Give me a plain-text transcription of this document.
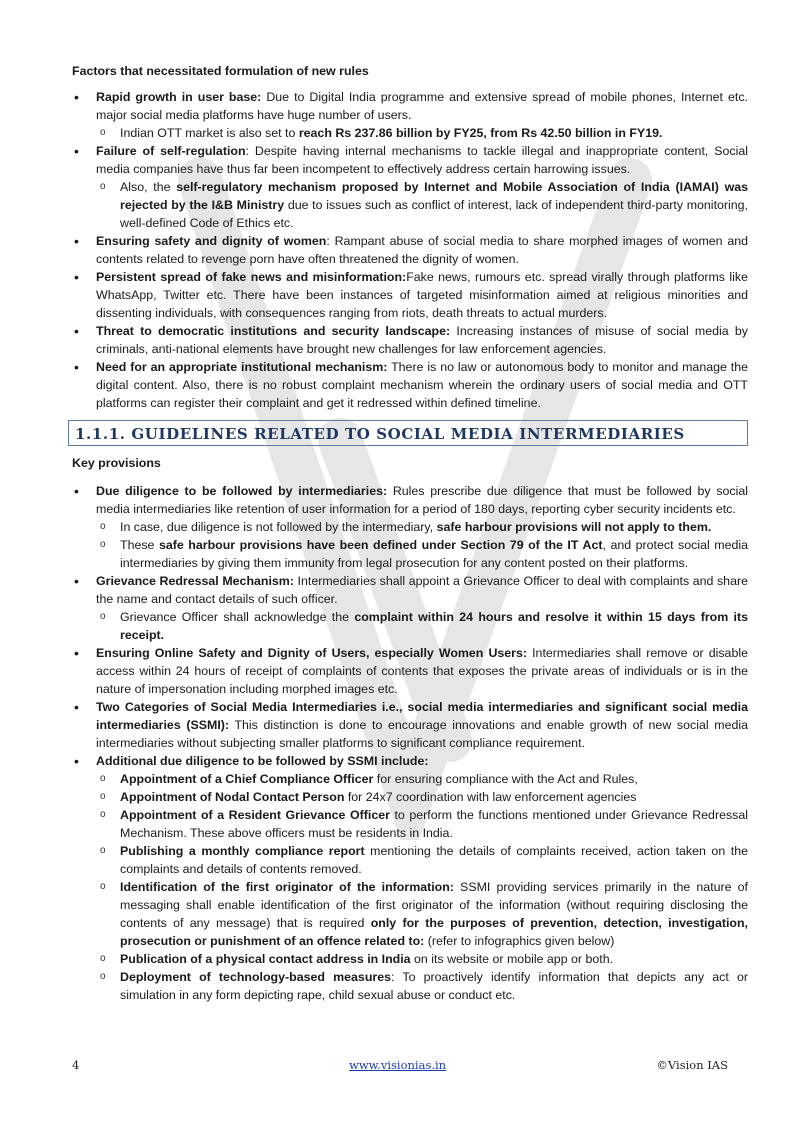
Factors that necessitated formulation of new rules

• Rapid growth in user base: Due to Digital India programme and extensive spread of mobile phones, Internet etc. major social media platforms have huge number of users.
o Indian OTT market is also set to reach Rs 237.86 billion by FY25, from Rs 42.50 billion in FY19.
• Failure of self-regulation: Despite having internal mechanisms to tackle illegal and inappropriate content, Social media companies have thus far been incompetent to effectively address certain harrowing issues.
o Also, the self-regulatory mechanism proposed by Internet and Mobile Association of India (IAMAI) was rejected by the I&B Ministry due to issues such as conflict of interest, lack of independent third-party monitoring, well-defined Code of Ethics etc.
• Ensuring safety and dignity of women: Rampant abuse of social media to share morphed images of women and contents related to revenge porn have often threatened the dignity of women.
• Persistent spread of fake news and misinformation:Fake news, rumours etc. spread virally through platforms like WhatsApp, Twitter etc. There have been instances of targeted misinformation aimed at religious minorities and dissenting individuals, with consequences ranging from riots, death threats to actual murders.
• Threat to democratic institutions and security landscape: Increasing instances of misuse of social media by criminals, anti-national elements have brought new challenges for law enforcement agencies.
• Need for an appropriate institutional mechanism: There is no law or autonomous body to monitor and manage the digital content. Also, there is no robust complaint mechanism wherein the ordinary users of social media and OTT platforms can register their complaint and get it redressed within defined timeline.
1.1.1. GUIDELINES RELATED TO SOCIAL MEDIA INTERMEDIARIES

Key provisions

• Due diligence to be followed by intermediaries: Rules prescribe due diligence that must be followed by social media intermediaries like retention of user information for a period of 180 days, reporting cyber security incidents etc.
o In case, due diligence is not followed by the intermediary, safe harbour provisions will not apply to them.
o These safe harbour provisions have been defined under Section 79 of the IT Act, and protect social media intermediaries by giving them immunity from legal prosecution for any content posted on their platforms.
• Grievance Redressal Mechanism: Intermediaries shall appoint a Grievance Officer to deal with complaints and share the name and contact details of such officer.
o Grievance Officer shall acknowledge the complaint within 24 hours and resolve it within 15 days from its receipt.
• Ensuring Online Safety and Dignity of Users, especially Women Users: Intermediaries shall remove or disable access within 24 hours of receipt of complaints of contents that exposes the private areas of individuals or is in the nature of impersonation including morphed images etc.
• Two Categories of Social Media Intermediaries i.e., social media intermediaries and significant social media intermediaries (SSMI): This distinction is done to encourage innovations and enable growth of new social media intermediaries without subjecting smaller platforms to significant compliance requirement.
• Additional due diligence to be followed by SSMI include:
o Appointment of a Chief Compliance Officer for ensuring compliance with the Act and Rules,
o Appointment of Nodal Contact Person for 24x7 coordination with law enforcement agencies
o Appointment of a Resident Grievance Officer to perform the functions mentioned under Grievance Redressal Mechanism. These above officers must be residents in India.
o Publishing a monthly compliance report mentioning the details of complaints received, action taken on the complaints and details of contents removed.
o Identification of the first originator of the information: SSMI providing services primarily in the nature of messaging shall enable identification of the first originator of the information (without requiring disclosing the contents of any message) that is required only for the purposes of prevention, detection, investigation, prosecution or punishment of an offence related to: (refer to infographics given below)
o Publication of a physical contact address in India on its website or mobile app or both.
o Deployment of technology-based measures: To proactively identify information that depicts any act or simulation in any form depicting rape, child sexual abuse or conduct etc.
4	www.visionias.in	©Vision IAS
